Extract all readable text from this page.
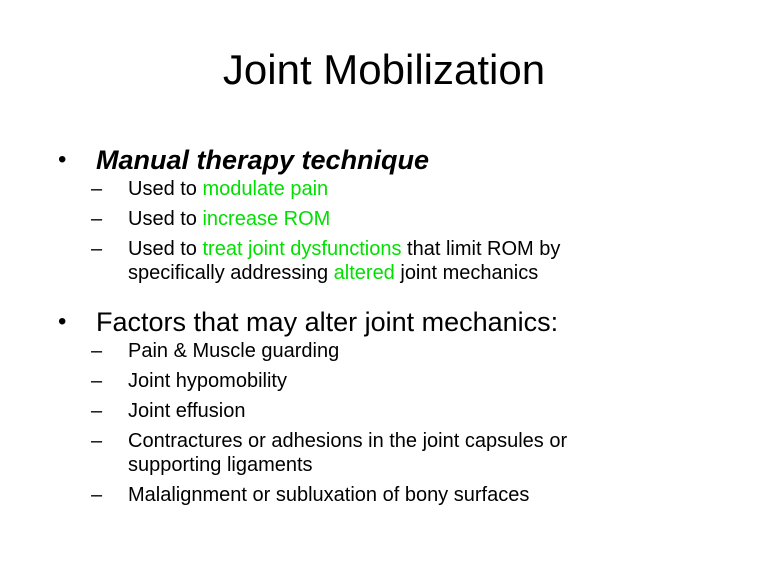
Joint Mobilization

• Manual therapy technique

– Used to modulate pain
– Used to increase ROM
– Used to treat joint dysfunctions that limit ROM by
specifically addressing altered joint mechanics

• Factors that may alter joint mechanics:

– Pain & Muscle guarding
– Joint hypomobility
– Joint effusion
– Contractures or adhesions in the joint capsules or
supporting ligaments
– Malalignment or subluxation of bony surfaces
